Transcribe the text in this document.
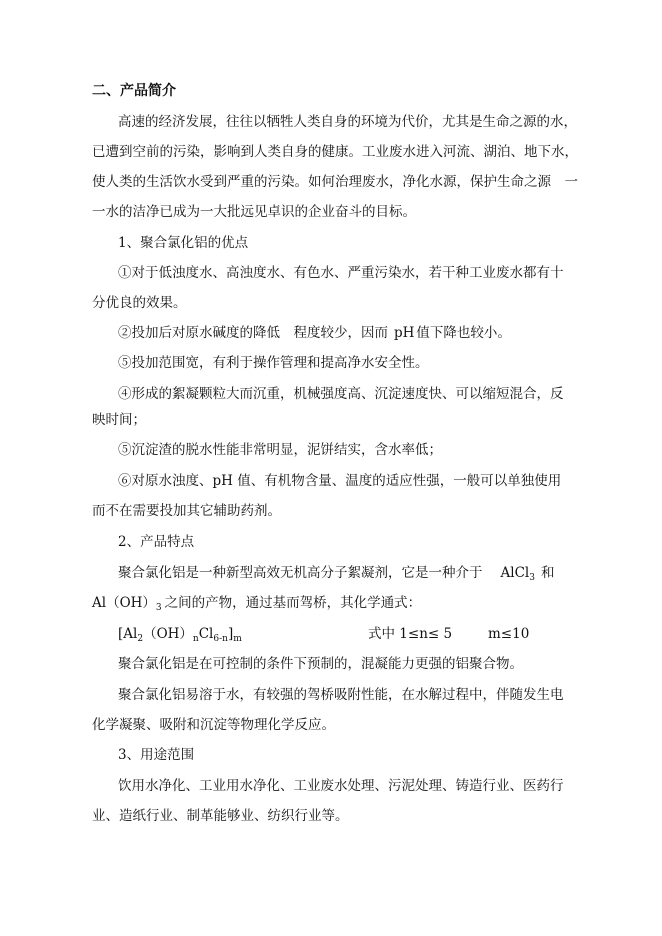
二、产品简介
高速的经济发展，往往以牺牲人类自身的环境为代价，尤其是生命之源的水，
已遭到空前的污染，影响到人类自身的健康。工业废水进入河流、湖泊、地下水，
使人类的生活饮水受到严重的污染。如何治理废水，净化水源，保护生命之源　一
一水的洁净已成为一大批远见卓识的企业奋斗的目标。
1、聚合氯化铝的优点
①对于低浊度水、高浊度水、有色水、严重污染水，若干种工业废水都有十
分优良的效果。
②投加后对原水碱度的降低　程度较少，因而 pH 值下降也较小。
⑤投加范围宽，有利于操作管理和提高净水安全性。
④形成的絮凝颗粒大而沉重，机械强度高、沉淀速度快、可以缩短混合，反
映时间；
⑤沉淀渣的脱水性能非常明显，泥饼结实，含水率低；
⑥对原水浊度、pH 值、有机物含量、温度的适应性强，一般可以单独使用
而不在需要投加其它辅助药剂。
2、产品特点
聚合氯化铝是一种新型高效无机高分子絮凝剂，它是一种介于 AlCl$_3$ 和
$Al(OH)_3$ 之间的产物，通过基而驾桥，其化学通式：
$[Al_2(OH)_nCl_{6-n}]_m$	式中 1≤n≤ 5	m≤10
聚合氯化铝是在可控制的条件下预制的，混凝能力更强的铝聚合物。
聚合氯化铝易溶于水，有较强的驾桥吸附性能，在水解过程中，伴随发生电
化学凝聚、吸附和沉淀等物理化学反应。
3、用途范围
饮用水净化、工业用水净化、工业废水处理、污泥处理、铸造行业、医药行
业、造纸行业、制革能够业、纺织行业等。
